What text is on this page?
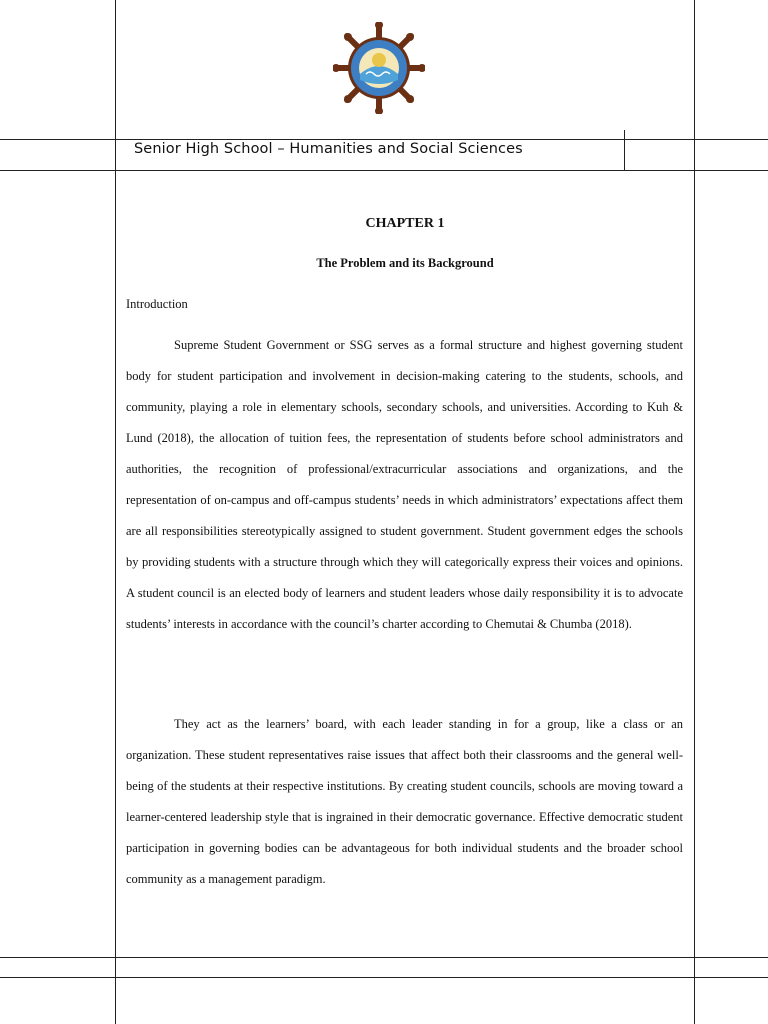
Senior High School – Humanities and Social Sciences
CHAPTER 1
The Problem and its Background
Introduction

Supreme Student Government or SSG serves as a formal structure and highest governing student body for student participation and involvement in decision-making catering to the students, schools, and community, playing a role in elementary schools, secondary schools, and universities. According to Kuh & Lund (2018), the allocation of tuition fees, the representation of students before school administrators and authorities, the recognition of professional/extracurricular associations and organizations, and the representation of on-campus and off-campus students’ needs in which administrators’ expectations affect them are all responsibilities stereotypically assigned to student government. Student government edges the schools by providing students with a structure through which they will categorically express their voices and opinions. A student council is an elected body of learners and student leaders whose daily responsibility it is to advocate students’ interests in accordance with the council’s charter according to Chemutai & Chumba (2018).

They act as the learners’ board, with each leader standing in for a group, like a class or an organization. These student representatives raise issues that affect both their classrooms and the general well-being of the students at their respective institutions. By creating student councils, schools are moving toward a learner-centered leadership style that is ingrained in their democratic governance. Effective democratic student participation in governing bodies can be advantageous for both individual students and the broader school community as a management paradigm.
